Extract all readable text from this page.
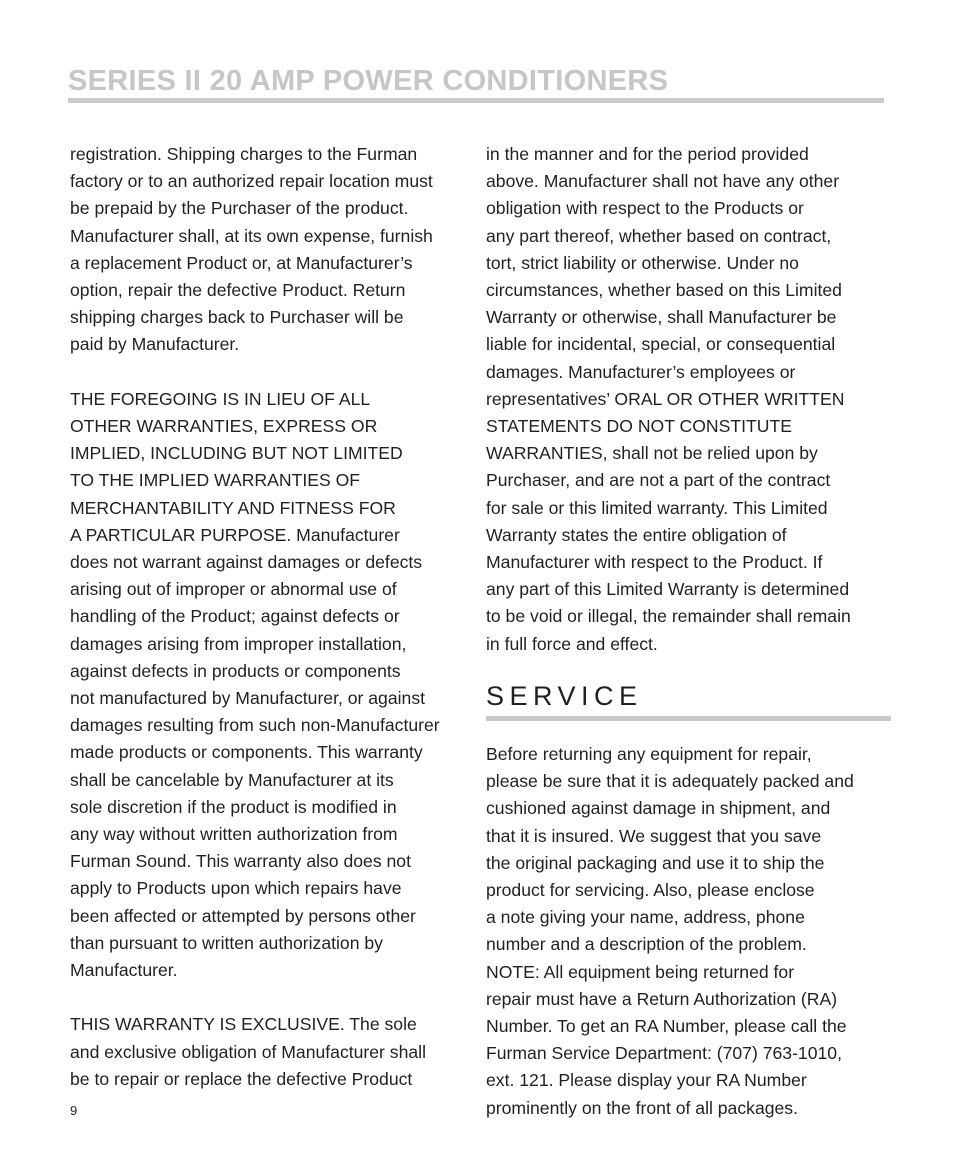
SERIES II 20 AMP POWER CONDITIONERS
registration. Shipping charges to the Furman
factory or to an authorized repair location must
be prepaid by the Purchaser of the product.
Manufacturer shall, at its own expense, furnish
a replacement Product or, at Manufacturer’s
option, repair the defective Product. Return
shipping charges back to Purchaser will be
paid by Manufacturer.
THE FOREGOING IS IN LIEU OF ALL
OTHER WARRANTIES, EXPRESS OR
IMPLIED, INCLUDING BUT NOT LIMITED
TO THE IMPLIED WARRANTIES OF
MERCHANTABILITY AND FITNESS FOR
A PARTICULAR PURPOSE. Manufacturer
does not warrant against damages or defects
arising out of improper or abnormal use of
handling of the Product; against defects or
damages arising from improper installation,
against defects in products or components
not manufactured by Manufacturer, or against
damages resulting from such non-Manufacturer
made products or components. This warranty
shall be cancelable by Manufacturer at its
sole discretion if the product is modified in
any way without written authorization from
Furman Sound. This warranty also does not
apply to Products upon which repairs have
been affected or attempted by persons other
than pursuant to written authorization by
Manufacturer.
THIS WARRANTY IS EXCLUSIVE. The sole
and exclusive obligation of Manufacturer shall
be to repair or replace the defective Product
in the manner and for the period provided
above. Manufacturer shall not have any other
obligation with respect to the Products or
any part thereof, whether based on contract,
tort, strict liability or otherwise. Under no
circumstances, whether based on this Limited
Warranty or otherwise, shall Manufacturer be
liable for incidental, special, or consequential
damages. Manufacturer’s employees or
representatives’ ORAL OR OTHER WRITTEN
STATEMENTS DO NOT CONSTITUTE
WARRANTIES, shall not be relied upon by
Purchaser, and are not a part of the contract
for sale or this limited warranty. This Limited
Warranty states the entire obligation of
Manufacturer with respect to the Product. If
any part of this Limited Warranty is determined
to be void or illegal, the remainder shall remain
in full force and effect.
SERVICE
Before returning any equipment for repair,
please be sure that it is adequately packed and
cushioned against damage in shipment, and
that it is insured. We suggest that you save
the original packaging and use it to ship the
product for servicing. Also, please enclose
a note giving your name, address, phone
number and a description of the problem.
NOTE: All equipment being returned for
repair must have a Return Authorization (RA)
Number. To get an RA Number, please call the
Furman Service Department: (707) 763-1010,
ext. 121. Please display your RA Number
prominently on the front of all packages.
9
